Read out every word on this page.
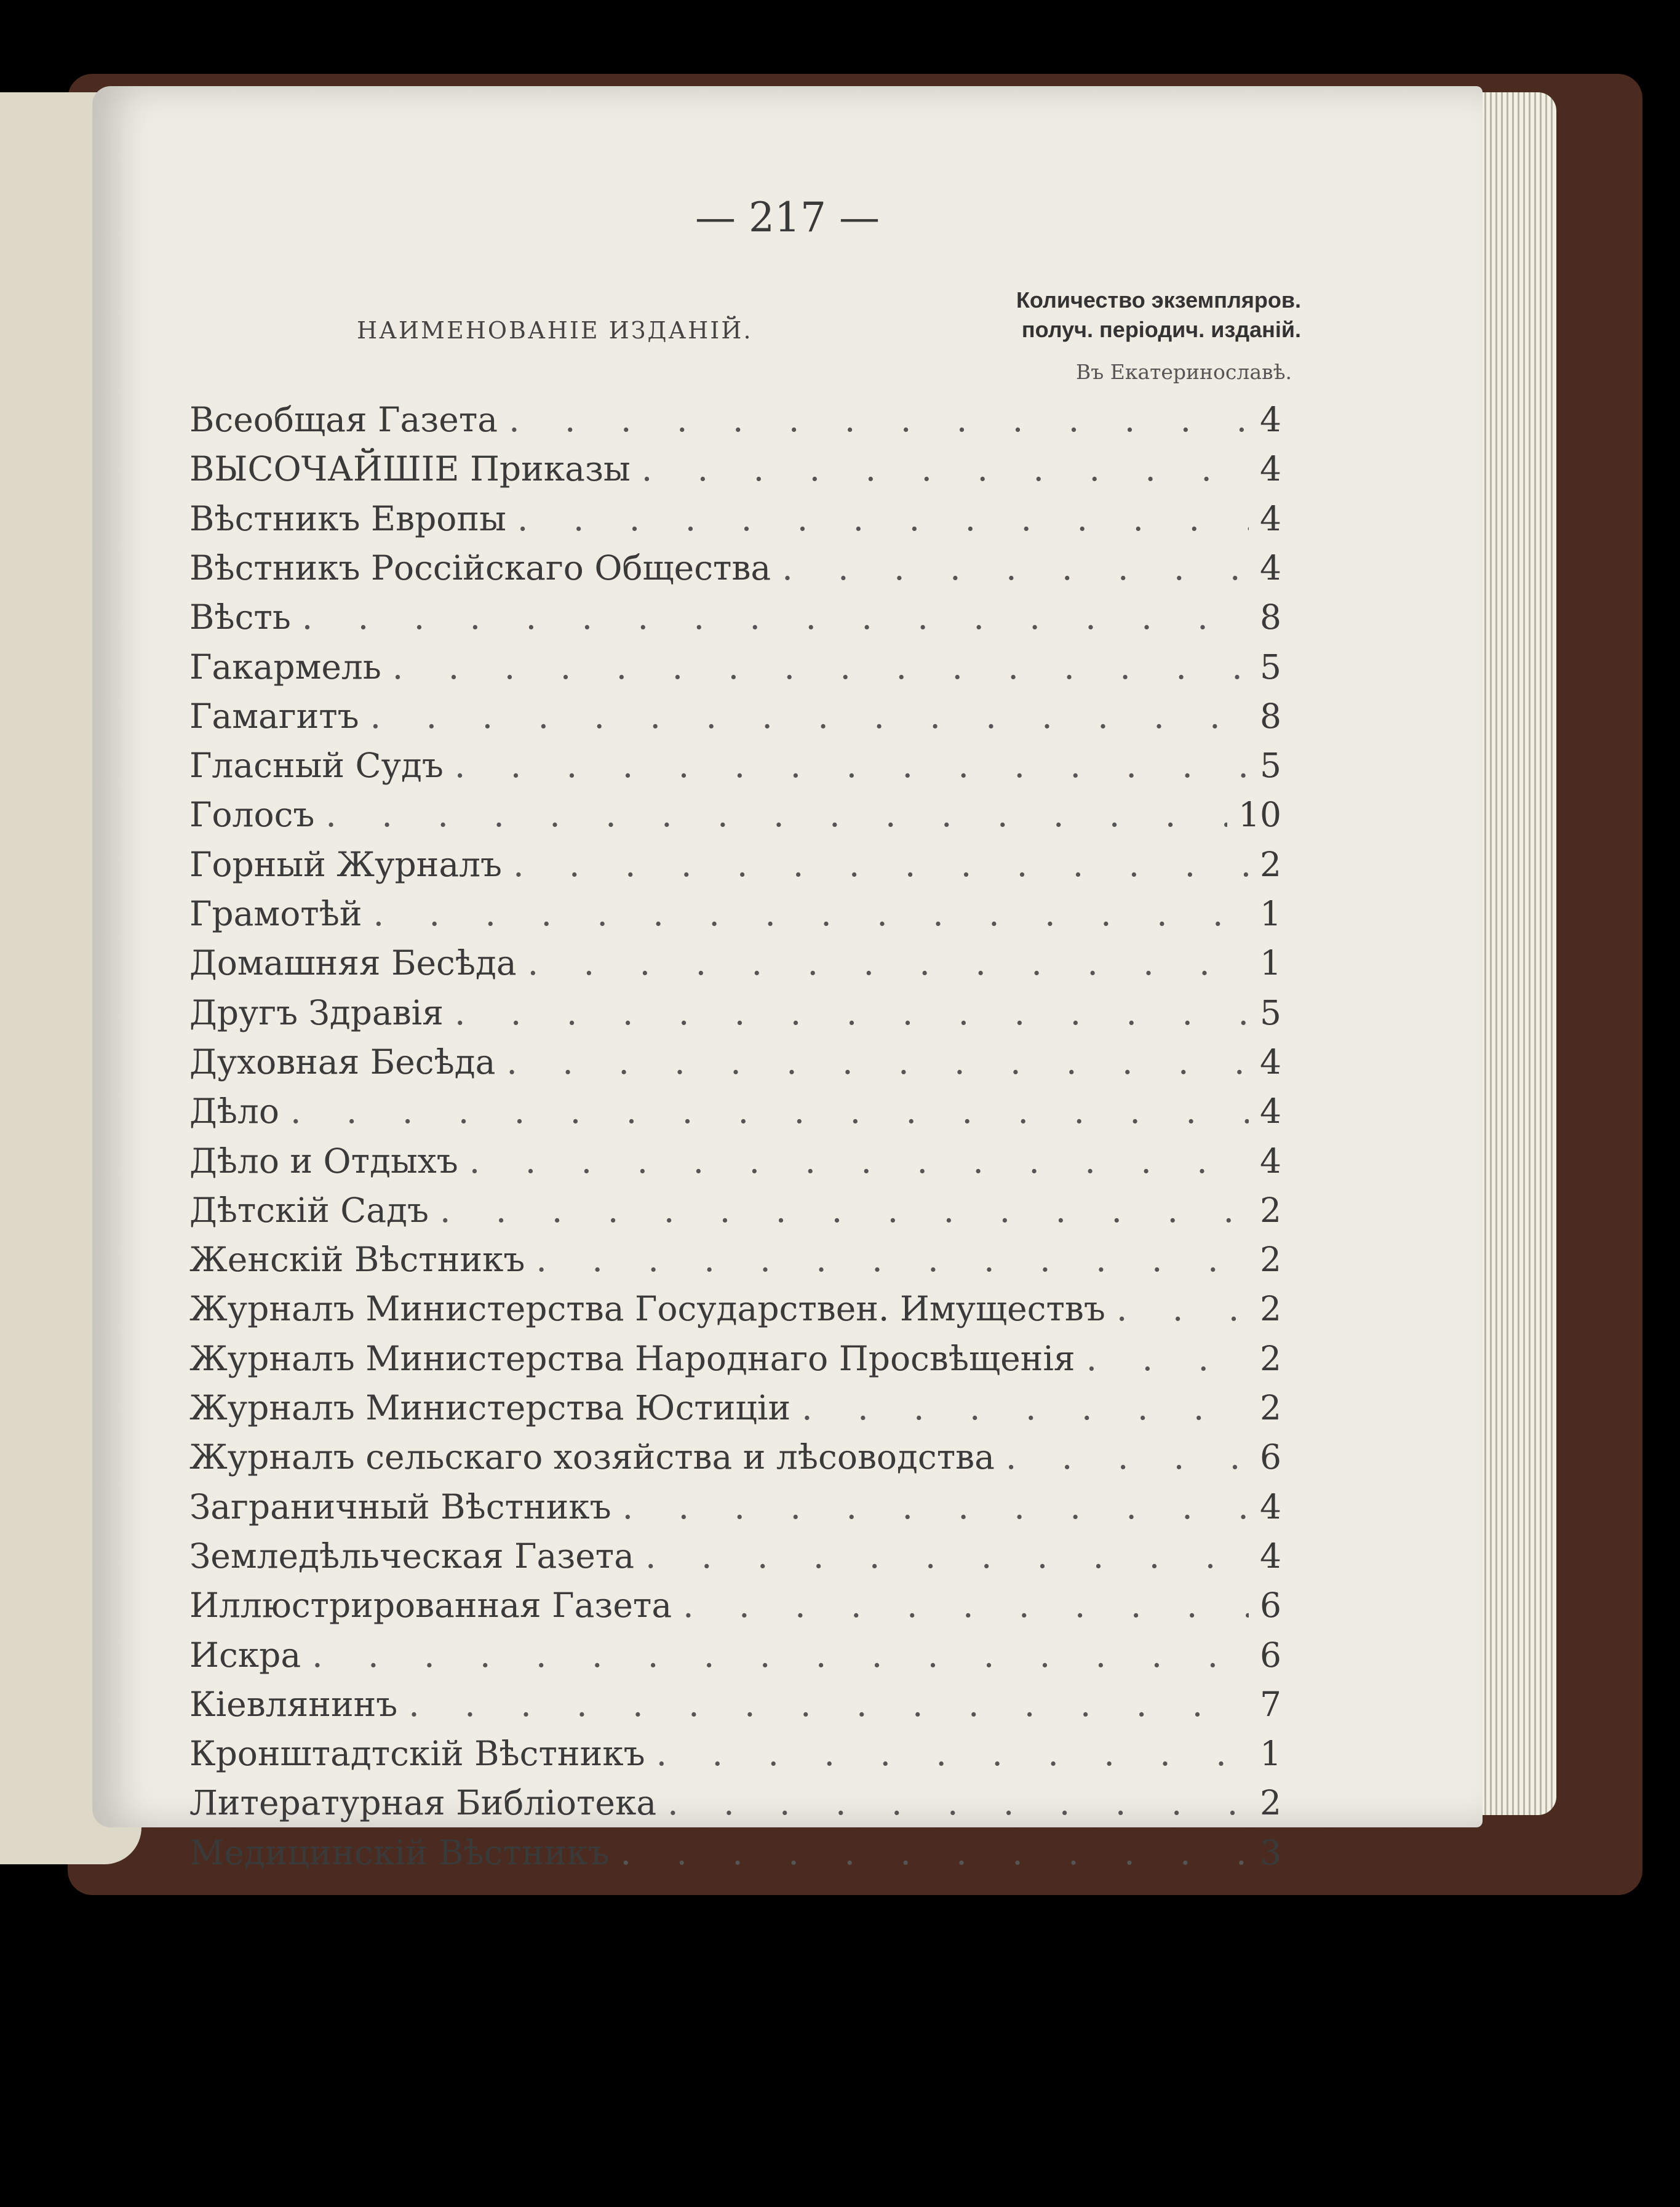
— 217 —
НАИМЕНОВАНІЕ ИЗДАНІЙ.
Количество экземпляров.
получ. періодич. изданій.
Въ Екатеринославѣ.
Всеобщая Газета . . .	4
ВЫСОЧАЙШІЕ Приказы . . .	4
Вѣстникъ Европы . . .	4
Вѣстникъ Россійскаго Общества . . .	4
Вѣсть . . .	8
Гакармель . . .	5
Гамагитъ . . .	8
Гласный Судъ . . .	5
Голосъ . . .	10
Горный Журналъ . . .	2
Грамотѣй . . .	1
Домашняя Бесѣда . . .	1
Другъ Здравія . . .	5
Духовная Бесѣда . . .	4
Дѣло . . .	4
Дѣло и Отдыхъ . . .	4
Дѣтскій Садъ . . .	2
Женскій Вѣстникъ . . .	2
Журналъ Министерства Государствен. Имуществъ . . .	2
Журналъ Министерства Народнаго Просвѣщенія . . .	2
Журналъ Министерства Юстиціи . . .	2
Журналъ сельскаго хозяйства и лѣсоводства . . .	6
Заграничный Вѣстникъ . . .	4
Земледѣльческая Газета . . .	4
Иллюстрированная Газета . . .	6
Искра . . .	6
Кіевлянинъ . . .	7
Кронштадтскій Вѣстникъ . . .	1
Литературная Библіотека . . .	2
Медицинскій Вѣстникъ . . .	3
